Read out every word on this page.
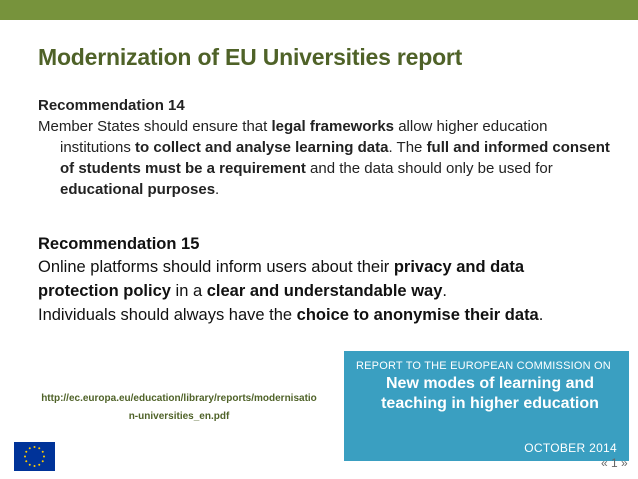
Modernization of EU Universities report
Recommendation 14
Member States should ensure that legal frameworks allow higher education institutions to collect and analyse learning data. The full and informed consent of students must be a requirement and the data should only be used for educational purposes.
Recommendation 15
Online platforms should inform users about their privacy and data
protection policy in a clear and understandable way.
Individuals should always have the choice to anonymise their data.
http://ec.europa.eu/education/library/reports/modernisatio
n-universities_en.pdf
REPORT TO THE EUROPEAN COMMISSION ON
New modes of learning and teaching in higher education
OCTOBER 2014
« 1 »
